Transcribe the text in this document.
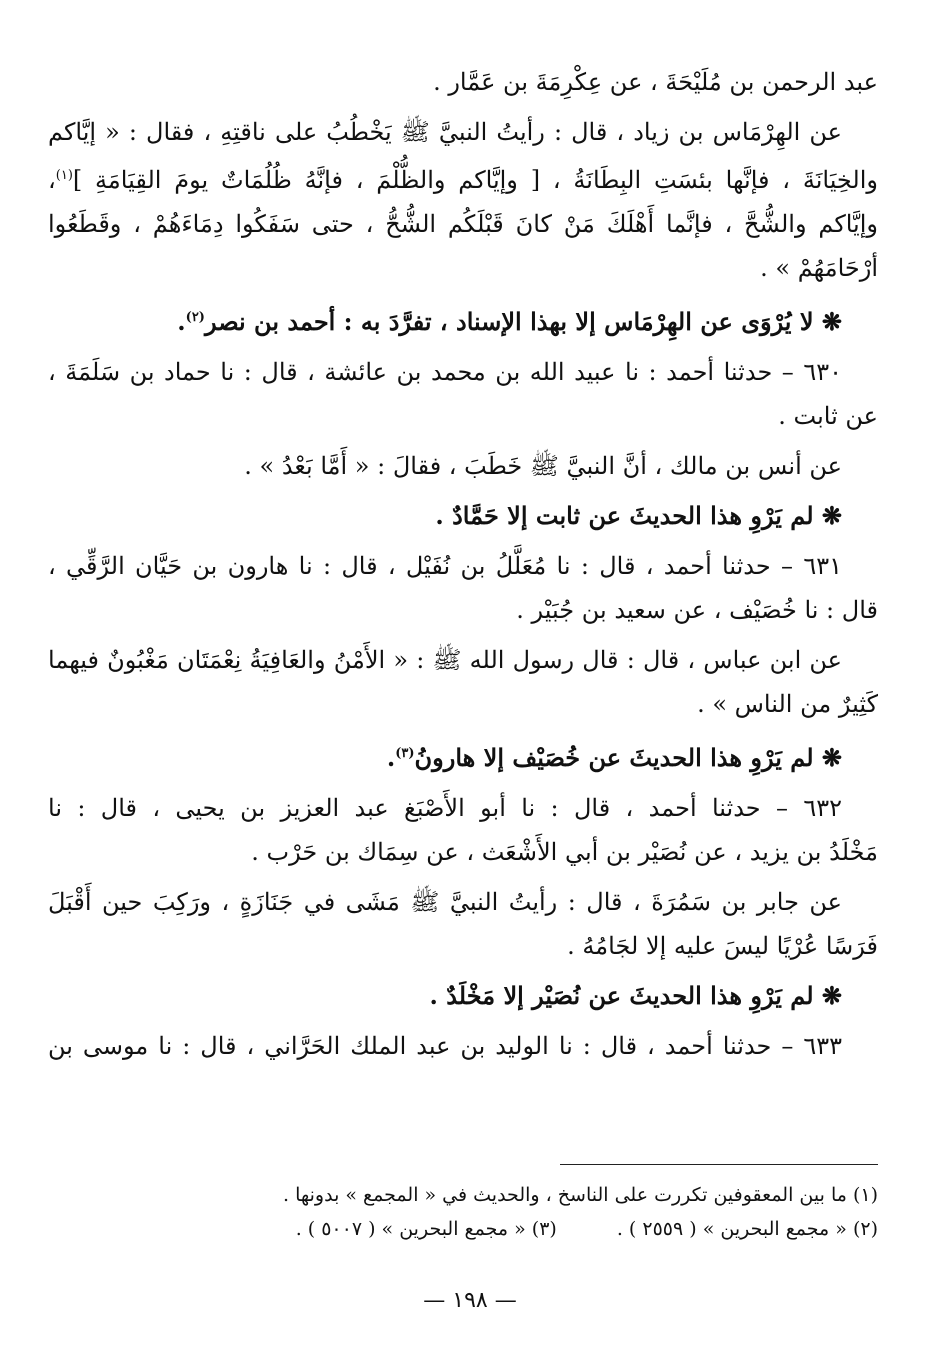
عبد الرحمن بن مُلَيْحَةَ ، عن عِكْرِمَةَ بن عَمَّار .
عن الهِرْمَاس بن زياد ، قال : رأيتُ النبيَّ ﷺ يَخْطُبُ على ناقتِهِ ، فقال : « إيَّاكم
والخِيَانَةَ ، فإنَّها بئسَتِ البِطَانَةُ ، [ وإيَّاكم والظُّلْمَ ، فإنَّهُ ظُلُمَاتٌ يومَ القِيَامَةِ ]$^{(١)}$،
وإيَّاكم والشُّحَّ ، فإنَّما أَهْلَكَ مَنْ كانَ قَبْلَكُم الشُّحُّ ، حتى سَفَكُوا دِمَاءَهُمْ ، وقَطَعُوا
أرْحَامَهُمْ » .
❋ لا يُرْوَى عن الهِرْمَاس إلا بهذا الإسناد ، تفرَّدَ به : أحمد بن نصر$^{(٢)}$.
٦٣٠ – حدثنا أحمد : نا عبيد الله بن محمد بن عائشة ، قال : نا حماد بن سَلَمَةَ ،
عن ثابت .
عن أنس بن مالك ، أنَّ النبيَّ ﷺ خَطَبَ ، فقالَ : « أَمَّا بَعْدُ » .
❋ لم يَرْوِ هذا الحديثَ عن ثابت إلا حَمَّادٌ .
٦٣١ – حدثنا أحمد ، قال : نا مُعَلَّلُ بن نُفَيْل ، قال : نا هارون بن حَيَّان الرَّقِّي ،
قال : نا خُصَيْف ، عن سعيد بن جُبَيْر .
عن ابن عباس ، قال : قال رسول الله ﷺ : « الأَمْنُ والعَافِيَةُ نِعْمَتَان مَغْبُونٌ فيهما
كَثِيرٌ من الناس » .
❋ لم يَرْوِ هذا الحديثَ عن خُصَيْف إلا هارونُ$^{(٣)}$.
٦٣٢ – حدثنا أحمد ، قال : نا أبو الأَصْبَغ عبد العزيز بن يحيى ، قال : نا
مَخْلَدُ بن يزيد ، عن نُصَيْر بن أبي الأَشْعَث ، عن سِمَاك بن حَرْب .
عن جابر بن سَمُرَةَ ، قال : رأيتُ النبيَّ ﷺ مَشَى في جَنَازَةٍ ، ورَكِبَ حين أَقْبَلَ
فَرَسًا عُرْيًا ليسَ عليه إلا لجَامُهُ .
❋ لم يَرْوِ هذا الحديثَ عن نُصَيْر إلا مَخْلَدٌ .
٦٣٣ – حدثنا أحمد ، قال : نا الوليد بن عبد الملك الحَرَّاني ، قال : نا موسى بن
(١) ما بين المعقوفين تكررت على الناسخ ، والحديث في « المجمع » بدونها .
(٢) « مجمع البحرين » ( ٢٥٥٩ ) .(٣) « مجمع البحرين » ( ٥٠٠٧ ) .
— ١٩٨ —
